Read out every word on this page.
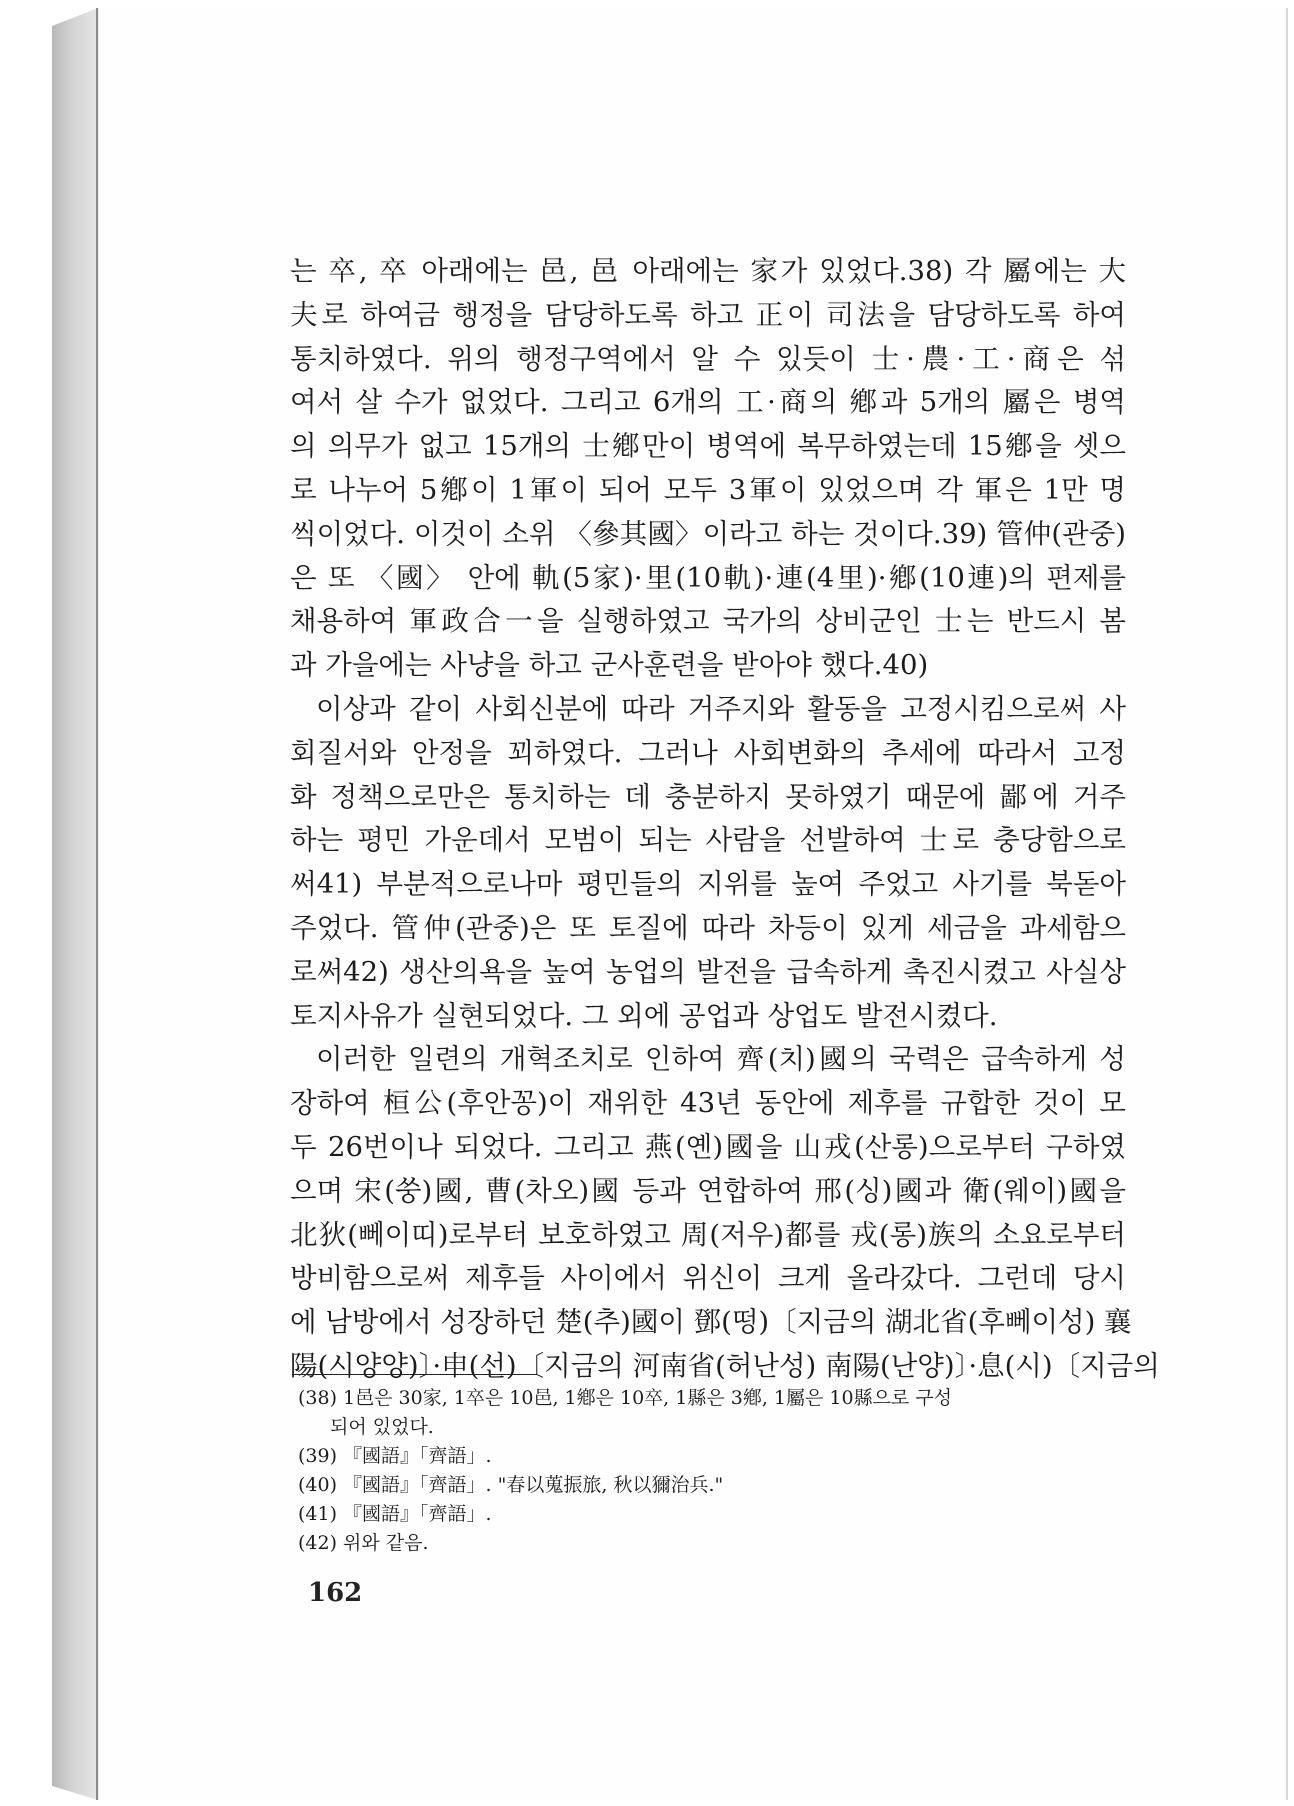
는 卒, 卒 아래에는 邑, 邑 아래에는 家가 있었다.38) 각 屬에는 大
夫로 하여금 행정을 담당하도록 하고 正이 司法을 담당하도록 하여
통치하였다. 위의 행정구역에서 알 수 있듯이 士·農·工·商은 섞
여서 살 수가 없었다. 그리고 6개의 工·商의 鄕과 5개의 屬은 병역
의 의무가 없고 15개의 士鄕만이 병역에 복무하였는데 15鄕을 셋으
로 나누어 5鄕이 1軍이 되어 모두 3軍이 있었으며 각 軍은 1만 명
씩이었다. 이것이 소위 〈參其國〉이라고 하는 것이다.39) 管仲(관중)
은 또 〈國〉 안에 軌(5家)·里(10軌)·連(4里)·鄕(10連)의 편제를
채용하여 軍政合一을 실행하였고 국가의 상비군인 士는 반드시 봄
과 가을에는 사냥을 하고 군사훈련을 받아야 했다.40)
이상과 같이 사회신분에 따라 거주지와 활동을 고정시킴으로써 사
회질서와 안정을 꾀하였다. 그러나 사회변화의 추세에 따라서 고정
화 정책으로만은 통치하는 데 충분하지 못하였기 때문에 鄙에 거주
하는 평민 가운데서 모범이 되는 사람을 선발하여 士로 충당함으로
써41) 부분적으로나마 평민들의 지위를 높여 주었고 사기를 북돋아
주었다. 管仲(관중)은 또 토질에 따라 차등이 있게 세금을 과세함으
로써42) 생산의욕을 높여 농업의 발전을 급속하게 촉진시켰고 사실상
토지사유가 실현되었다. 그 외에 공업과 상업도 발전시켰다.
이러한 일련의 개혁조치로 인하여 齊(치)國의 국력은 급속하게 성
장하여 桓公(후안꽁)이 재위한 43년 동안에 제후를 규합한 것이 모
두 26번이나 되었다. 그리고 燕(옌)國을 山戎(산롱)으로부터 구하였
으며 宋(쑹)國, 曹(차오)國 등과 연합하여 邢(싱)國과 衛(웨이)國을
北狄(뻬이띠)로부터 보호하였고 周(저우)都를 戎(롱)族의 소요로부터
방비함으로써 제후들 사이에서 위신이 크게 올라갔다. 그런데 당시
에 남방에서 성장하던 楚(추)國이 鄧(떵)〔지금의 湖北省(후뻬이성) 襄
陽(시양양)〕·申(선)〔지금의 河南省(허난성) 南陽(난양)〕·息(시)〔지금의
(38) 1邑은 30家, 1卒은 10邑, 1鄕은 10卒, 1縣은 3鄕, 1屬은 10縣으로 구성
되어 있었다.
(39) 『國語』「齊語」.
(40) 『國語』「齊語」. "春以蒐振旅, 秋以獮治兵."
(41) 『國語』「齊語」.
(42) 위와 같음.
162
